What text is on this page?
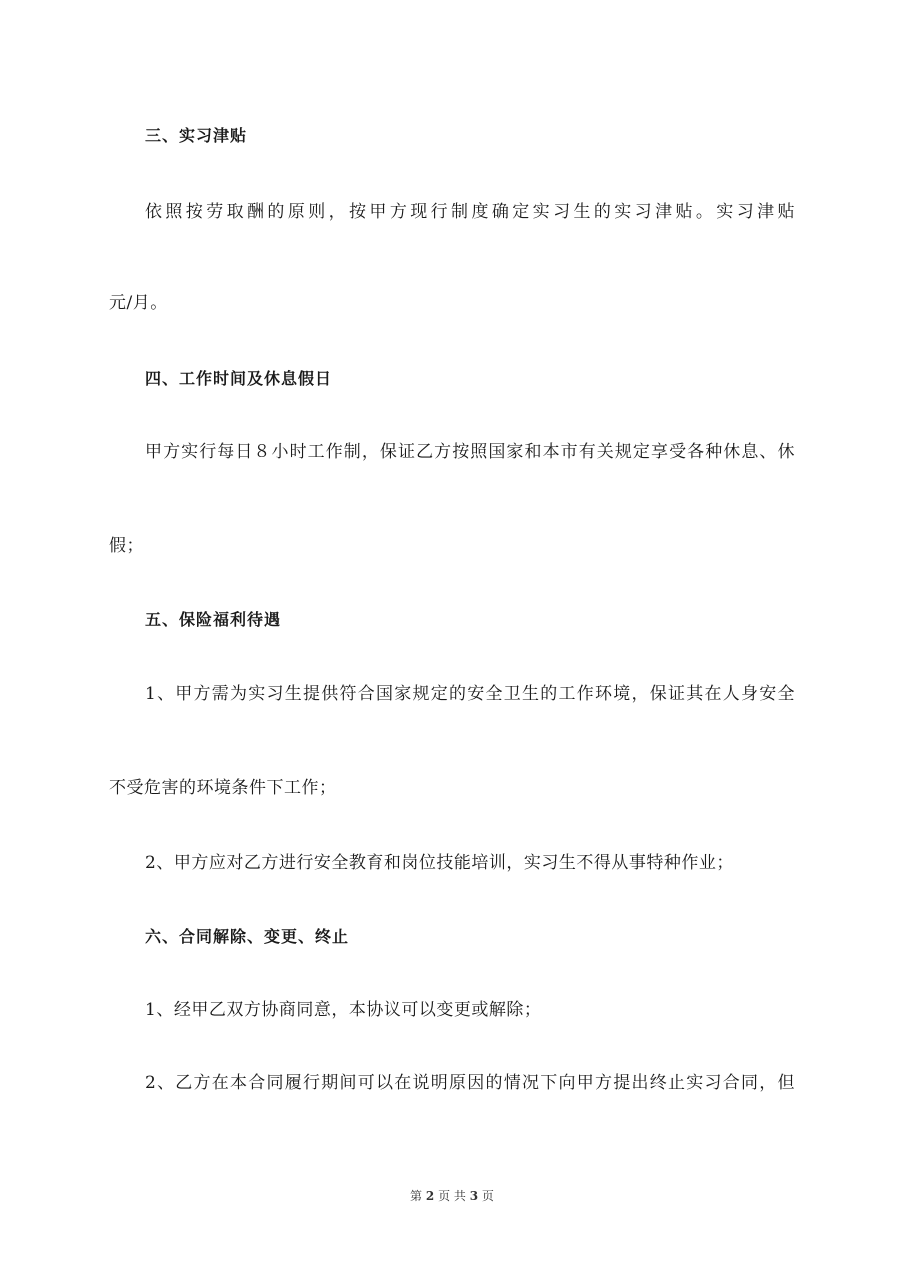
三、实习津贴
依照按劳取酬的原则，按甲方现行制度确定实习生的实习津贴。实习津贴
元/月。
四、工作时间及休息假日
甲方实行每日８小时工作制，保证乙方按照国家和本市有关规定享受各种休息、休
假；
五、保险福利待遇
1、甲方需为实习生提供符合国家规定的安全卫生的工作环境，保证其在人身安全
不受危害的环境条件下工作；
2、甲方应对乙方进行安全教育和岗位技能培训，实习生不得从事特种作业；
六、合同解除、变更、终止
1、经甲乙双方协商同意，本协议可以变更或解除；
2、乙方在本合同履行期间可以在说明原因的情况下向甲方提出终止实习合同，但
第 2 页 共 3 页
